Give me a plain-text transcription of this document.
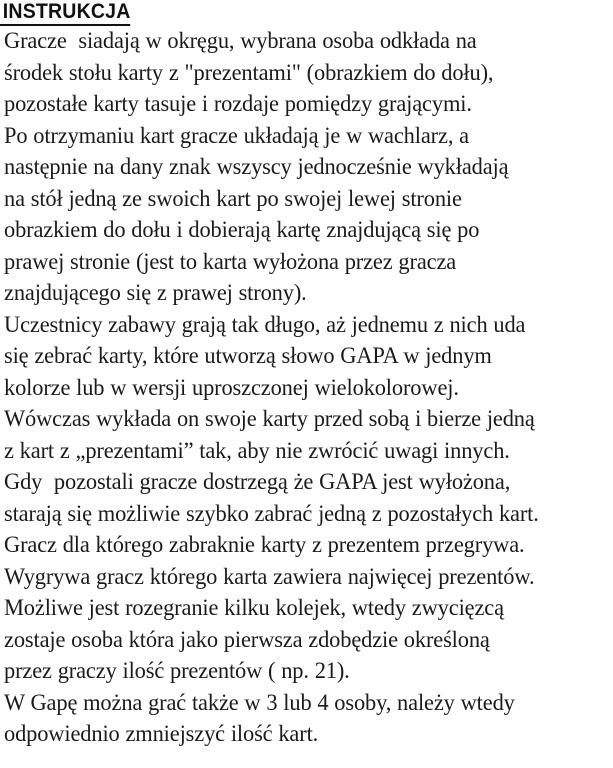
INSTRUKCJA
Gracze  siadają w okręgu, wybrana osoba odkłada na
środek stołu karty z "prezentami" (obrazkiem do dołu),
pozostałe karty tasuje i rozdaje pomiędzy grającymi.
Po otrzymaniu kart gracze układają je w wachlarz, a
następnie na dany znak wszyscy jednocześnie wykładają
na stół jedną ze swoich kart po swojej lewej stronie
obrazkiem do dołu i dobierają kartę znajdującą się po
prawej stronie (jest to karta wyłożona przez gracza
znajdującego się z prawej strony).
Uczestnicy zabawy grają tak długo, aż jednemu z nich uda
się zebrać karty, które utworzą słowo GAPA w jednym
kolorze lub w wersji uproszczonej wielokolorowej.
Wówczas wykłada on swoje karty przed sobą i bierze jedną
z kart z „prezentami” tak, aby nie zwrócić uwagi innych.
Gdy  pozostali gracze dostrzegą że GAPA jest wyłożona,
starają się możliwie szybko zabrać jedną z pozostałych kart.
Gracz dla którego zabraknie karty z prezentem przegrywa.
Wygrywa gracz którego karta zawiera najwięcej prezentów.
Możliwe jest rozegranie kilku kolejek, wtedy zwycięzcą
zostaje osoba która jako pierwsza zdobędzie określoną
przez graczy ilość prezentów ( np. 21).
W Gapę można grać także w 3 lub 4 osoby, należy wtedy
odpowiednio zmniejszyć ilość kart.
